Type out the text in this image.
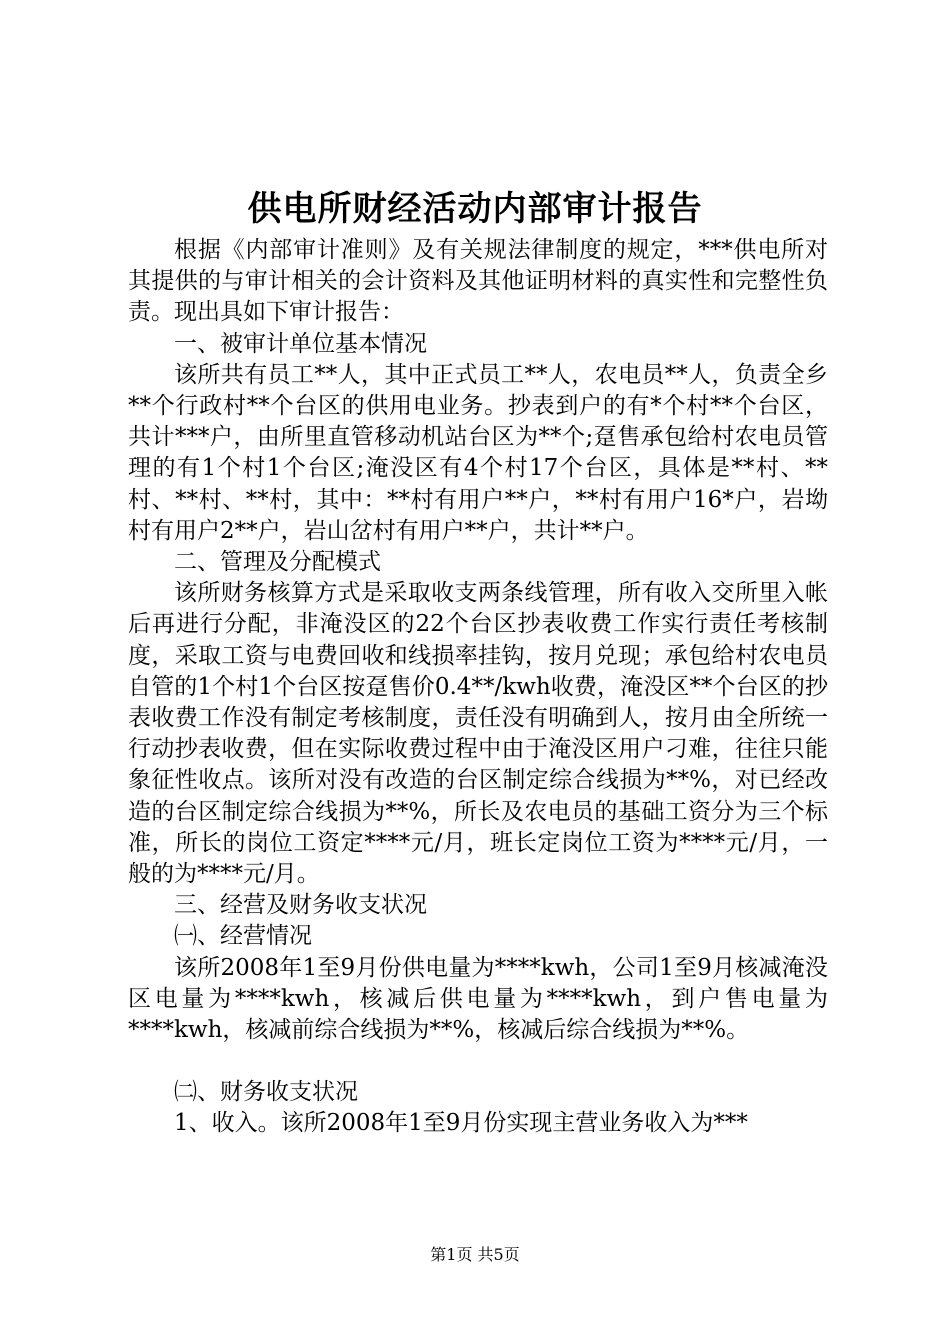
供电所财经活动内部审计报告

根据《内部审计准则》及有关规法律制度的规定，***供电所对其提供的与审计相关的会计资料及其他证明材料的真实性和完整性负责。现出具如下审计报告：

一、被审计单位基本情况

该所共有员工**人，其中正式员工**人，农电员**人，负责全乡**个行政村**个台区的供用电业务。抄表到户的有*个村**个台区，共计***户，由所里直管移动机站台区为**个;趸售承包给村农电员管理的有1个村1个台区;淹没区有4个村17个台区，具体是**村、**村、**村、**村，其中：**村有用户**户，**村有用户16*户，岩坳村有用户2**户，岩山岔村有用户**户，共计**户。

二、管理及分配模式

该所财务核算方式是采取收支两条线管理，所有收入交所里入帐后再进行分配，非淹没区的22个台区抄表收费工作实行责任考核制度，采取工资与电费回收和线损率挂钩，按月兑现；承包给村农电员自管的1个村1个台区按趸售价0.4**/kwh收费，淹没区**个台区的抄表收费工作没有制定考核制度，责任没有明确到人，按月由全所统一行动抄表收费，但在实际收费过程中由于淹没区用户刁难，往往只能象征性收点。该所对没有改造的台区制定综合线损为**%，对已经改造的台区制定综合线损为**%，所长及农电员的基础工资分为三个标准，所长的岗位工资定****元/月，班长定岗位工资为****元/月，一般的为****元/月。

三、经营及财务收支状况

㈠、经营情况

该所2008年1至9月份供电量为****kwh，公司1至9月核减淹没区电量为****kwh，核减后供电量为****kwh，到户售电量为****kwh，核减前综合线损为**%，核减后综合线损为**%。

㈡、财务收支状况

1、收入。该所2008年1至9月份实现主营业务收入为***

第1页 共5页
